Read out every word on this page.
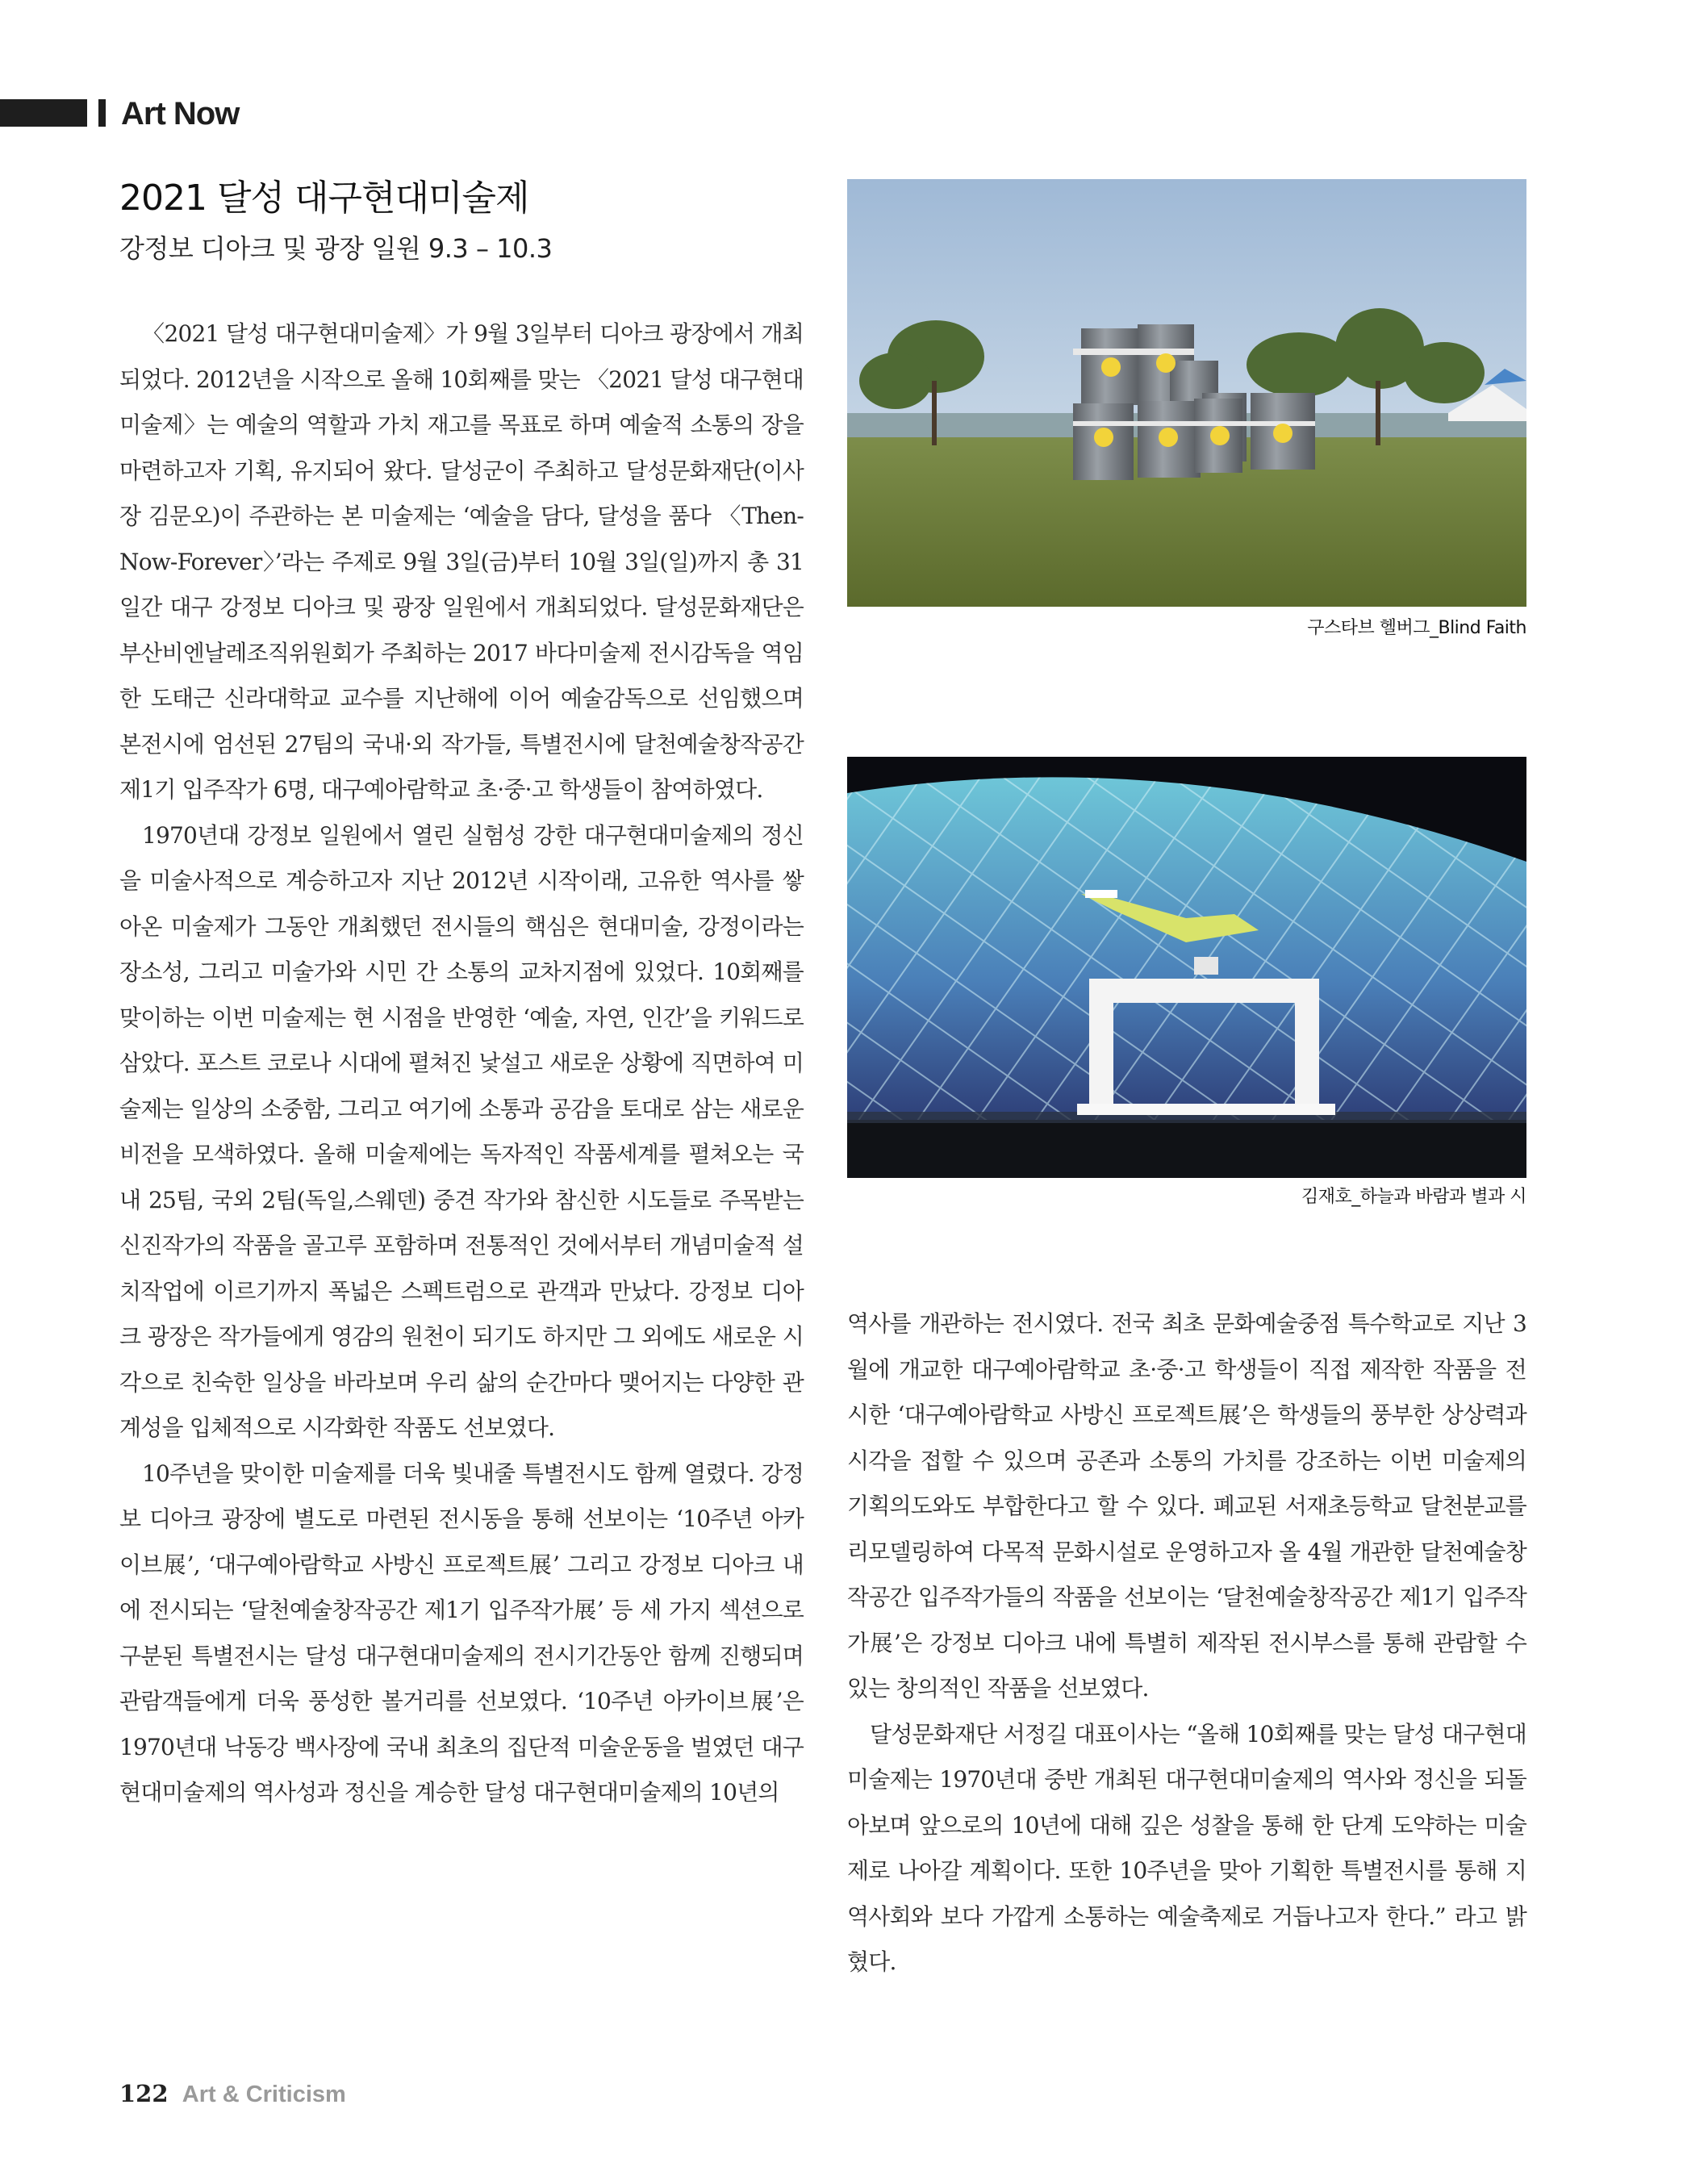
Art Now
2021 달성 대구현대미술제
강정보 디아크 및 광장 일원 9.3 – 10.3

〈2021 달성 대구현대미술제〉가 9월 3일부터 디아크 광장에서 개최되었다. 2012년을 시작으로 올해 10회째를 맞는 〈2021 달성 대구현대미술제〉는 예술의 역할과 가치 재고를 목표로 하며 예술적 소통의 장을 마련하고자 기획, 유지되어 왔다. 달성군이 주최하고 달성문화재단(이사장 김문오)이 주관하는 본 미술제는 ‘예술을 담다, 달성을 품다 〈Then-Now-Forever〉’라는 주제로 9월 3일(금)부터 10월 3일(일)까지 총 31일간 대구 강정보 디아크 및 광장 일원에서 개최되었다. 달성문화재단은 부산비엔날레조직위원회가 주최하는 2017 바다미술제 전시감독을 역임한 도태근 신라대학교 교수를 지난해에 이어 예술감독으로 선임했으며 본전시에 엄선된 27팀의 국내·외 작가들, 특별전시에 달천예술창작공간 제1기 입주작가 6명, 대구예아람학교 초·중·고 학생들이 참여하였다.

1970년대 강정보 일원에서 열린 실험성 강한 대구현대미술제의 정신을 미술사적으로 계승하고자 지난 2012년 시작이래, 고유한 역사를 쌓아온 미술제가 그동안 개최했던 전시들의 핵심은 현대미술, 강정이라는 장소성, 그리고 미술가와 시민 간 소통의 교차지점에 있었다. 10회째를 맞이하는 이번 미술제는 현 시점을 반영한 ‘예술, 자연, 인간’을 키워드로 삼았다. 포스트 코로나 시대에 펼쳐진 낯설고 새로운 상황에 직면하여 미술제는 일상의 소중함, 그리고 여기에 소통과 공감을 토대로 삼는 새로운 비전을 모색하였다. 올해 미술제에는 독자적인 작품세계를 펼쳐오는 국내 25팀, 국외 2팀(독일,스웨덴) 중견 작가와 참신한 시도들로 주목받는 신진작가의 작품을 골고루 포함하며 전통적인 것에서부터 개념미술적 설치작업에 이르기까지 폭넓은 스펙트럼으로 관객과 만났다. 강정보 디아크 광장은 작가들에게 영감의 원천이 되기도 하지만 그 외에도 새로운 시각으로 친숙한 일상을 바라보며 우리 삶의 순간마다 맺어지는 다양한 관계성을 입체적으로 시각화한 작품도 선보였다.

10주년을 맞이한 미술제를 더욱 빛내줄 특별전시도 함께 열렸다. 강정보 디아크 광장에 별도로 마련된 전시동을 통해 선보이는 ‘10주년 아카이브展’, ‘대구예아람학교 사방신 프로젝트展’ 그리고 강정보 디아크 내에 전시되는 ‘달천예술창작공간 제1기 입주작가展’ 등 세 가지 섹션으로 구분된 특별전시는 달성 대구현대미술제의 전시기간동안 함께 진행되며 관람객들에게 더욱 풍성한 볼거리를 선보였다. ‘10주년 아카이브展’은 1970년대 낙동강 백사장에 국내 최초의 집단적 미술운동을 벌였던 대구현대미술제의 역사성과 정신을 계승한 달성 대구현대미술제의 10년의

구스타브 헬버그_Blind Faith
김재호_하늘과 바람과 별과 시

역사를 개관하는 전시였다. 전국 최초 문화예술중점 특수학교로 지난 3월에 개교한 대구예아람학교 초·중·고 학생들이 직접 제작한 작품을 전시한 ‘대구예아람학교 사방신 프로젝트展’은 학생들의 풍부한 상상력과 시각을 접할 수 있으며 공존과 소통의 가치를 강조하는 이번 미술제의 기획의도와도 부합한다고 할 수 있다. 폐교된 서재초등학교 달천분교를 리모델링하여 다목적 문화시설로 운영하고자 올 4월 개관한 달천예술창작공간 입주작가들의 작품을 선보이는 ‘달천예술창작공간 제1기 입주작가展’은 강정보 디아크 내에 특별히 제작된 전시부스를 통해 관람할 수 있는 창의적인 작품을 선보였다.

달성문화재단 서정길 대표이사는 “올해 10회째를 맞는 달성 대구현대미술제는 1970년대 중반 개최된 대구현대미술제의 역사와 정신을 되돌아보며 앞으로의 10년에 대해 깊은 성찰을 통해 한 단계 도약하는 미술제로 나아갈 계획이다. 또한 10주년을 맞아 기획한 특별전시를 통해 지역사회와 보다 가깝게 소통하는 예술축제로 거듭나고자 한다.” 라고 밝혔다.

122 Art & Criticism
